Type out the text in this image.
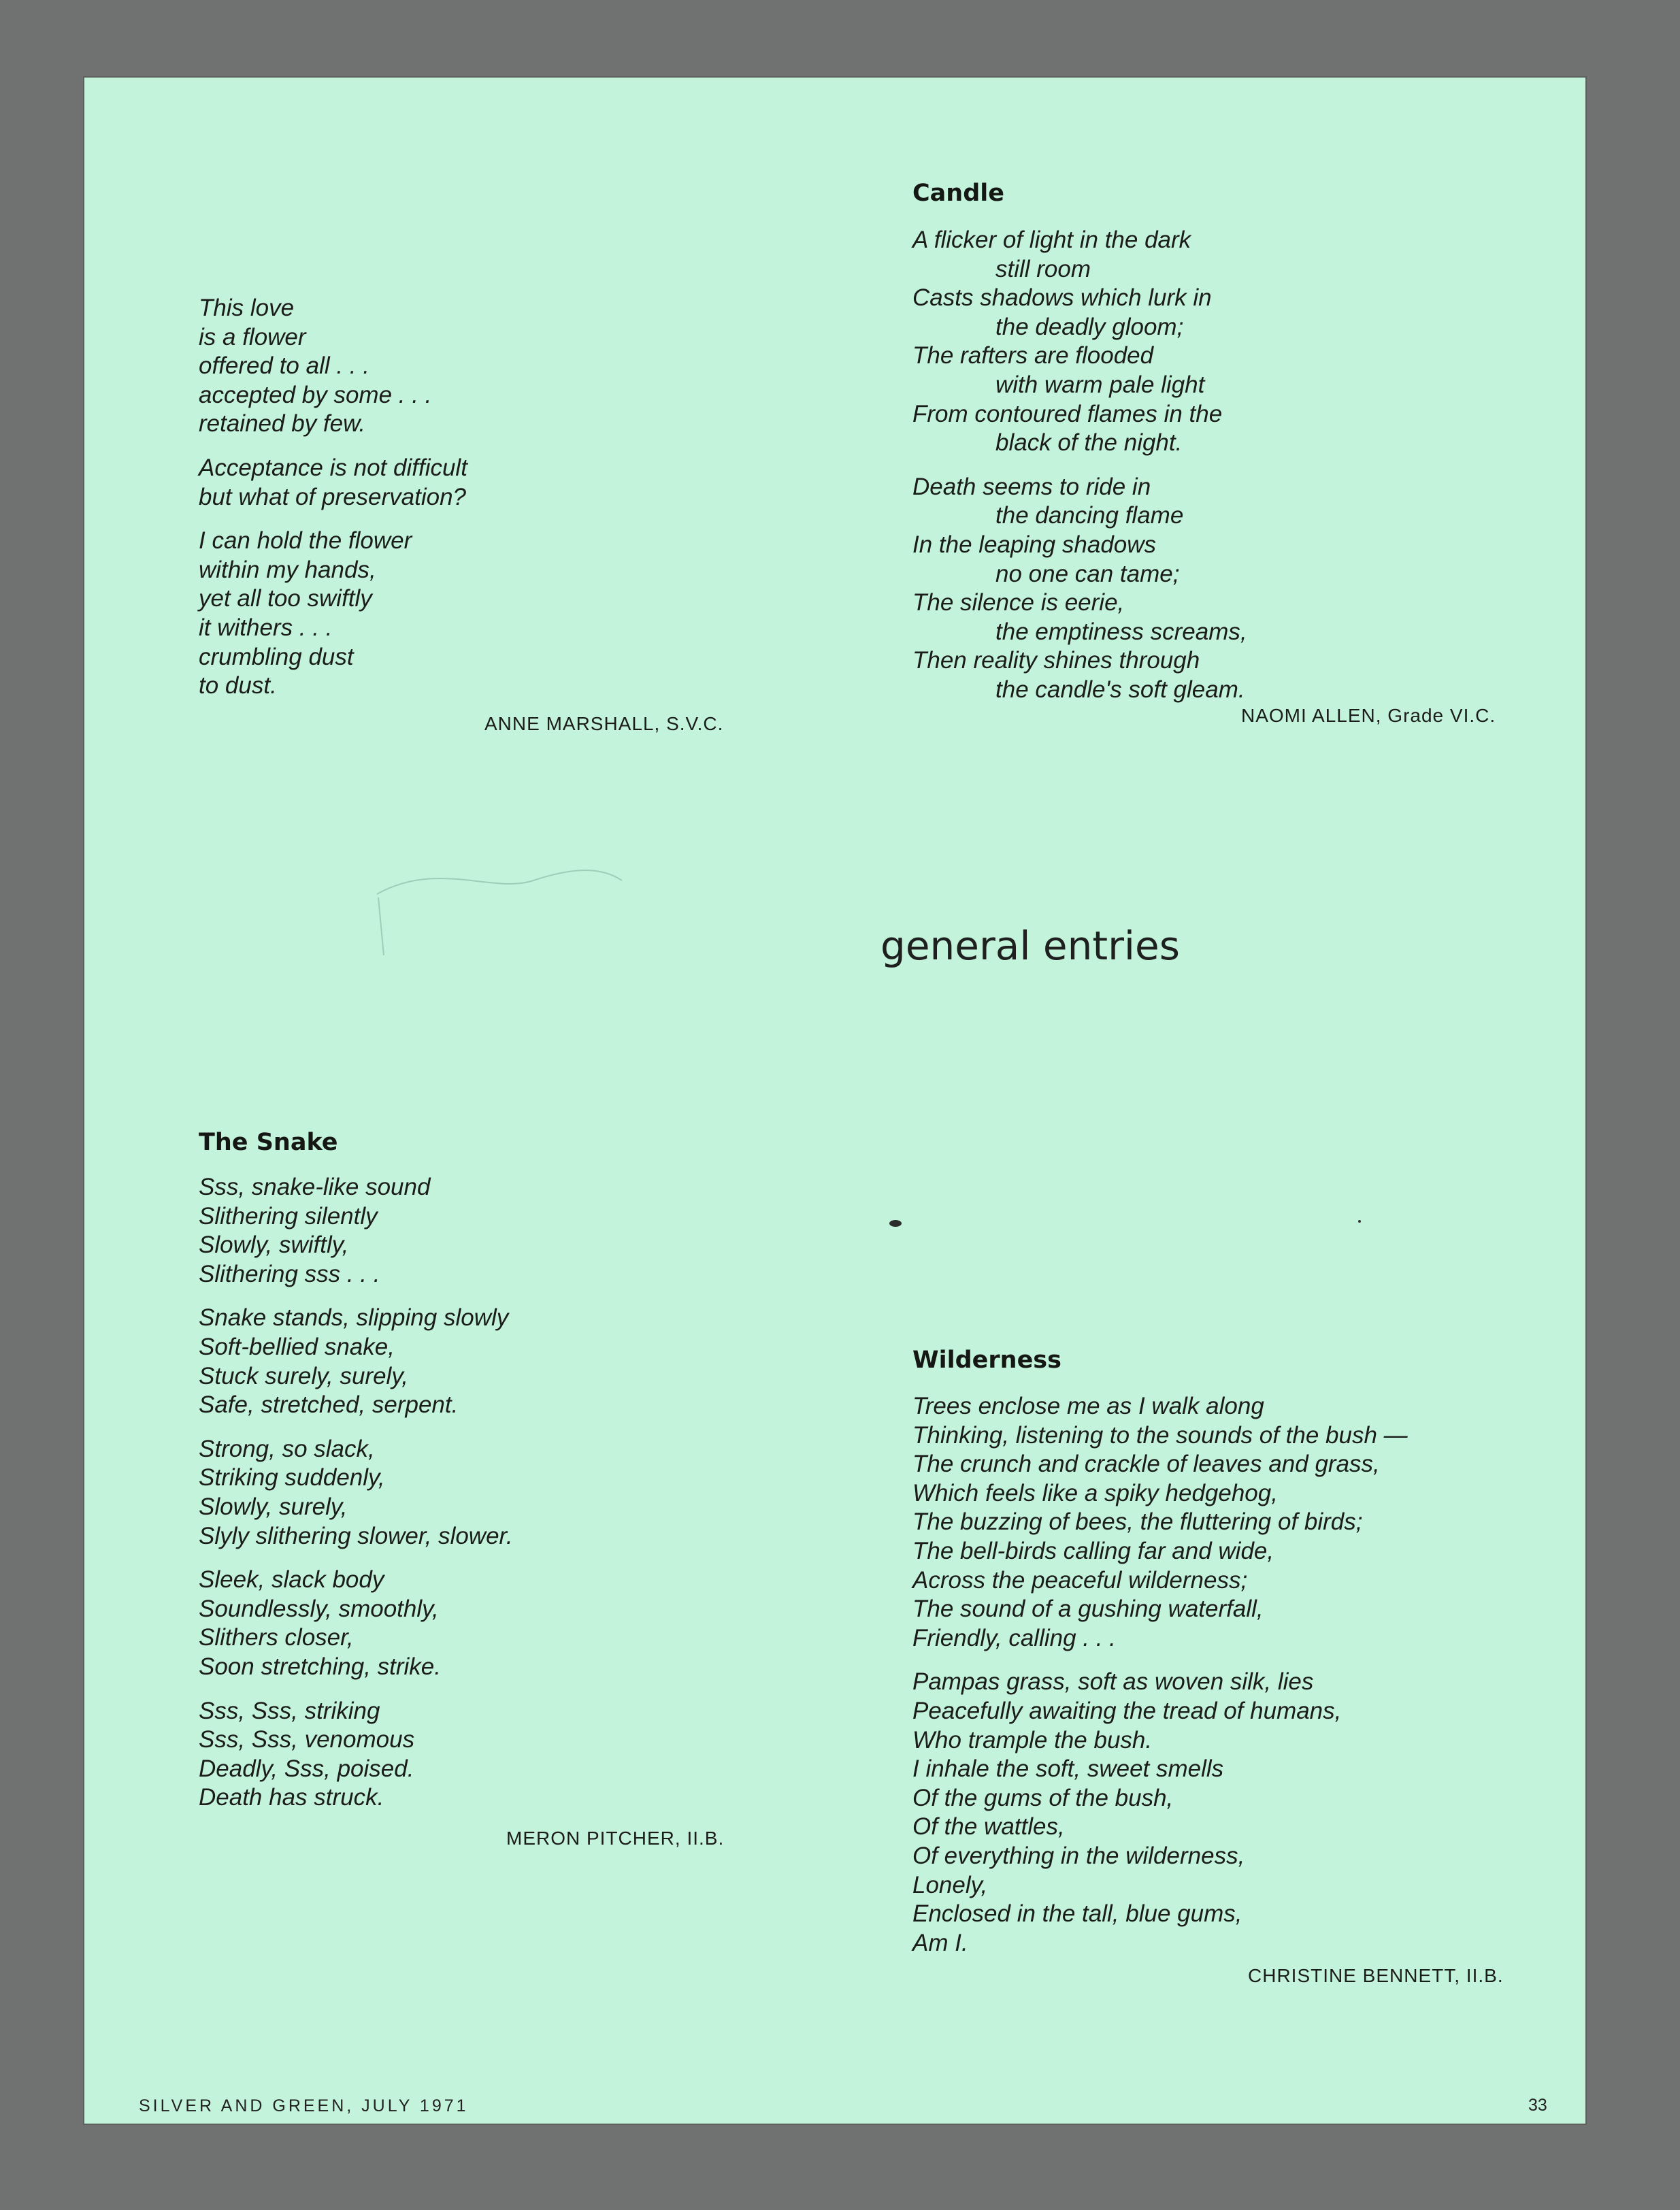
This love
is a flower
offered to all . . .
accepted by some . . .
retained by few.
Acceptance is not difficult
but what of preservation?
I can hold the flower
within my hands,
yet all too swiftly
it withers . . .
crumbling dust
to dust.
ANNE MARSHALL, S.V.C.
Candle
A flicker of light in the dark
still room
Casts shadows which lurk in
the deadly gloom;
The rafters are flooded
with warm pale light
From contoured flames in the
black of the night.
Death seems to ride in
the dancing flame
In the leaping shadows
no one can tame;
The silence is eerie,
the emptiness screams,
Then reality shines through
the candle's soft gleam.
NAOMI ALLEN, Grade VI.C.
general entries
The Snake
Sss, snake-like sound
Slithering silently
Slowly, swiftly,
Slithering sss . . .
Snake stands, slipping slowly
Soft-bellied snake,
Stuck surely, surely,
Safe, stretched, serpent.
Strong, so slack,
Striking suddenly,
Slowly, surely,
Slyly slithering slower, slower.
Sleek, slack body
Soundlessly, smoothly,
Slithers closer,
Soon stretching, strike.
Sss, Sss, striking
Sss, Sss, venomous
Deadly, Sss, poised.
Death has struck.
MERON PITCHER, II.B.
Wilderness
Trees enclose me as I walk along
Thinking, listening to the sounds of the bush —
The crunch and crackle of leaves and grass,
Which feels like a spiky hedgehog,
The buzzing of bees, the fluttering of birds;
The bell-birds calling far and wide,
Across the peaceful wilderness;
The sound of a gushing waterfall,
Friendly, calling . . .
Pampas grass, soft as woven silk, lies
Peacefully awaiting the tread of humans,
Who trample the bush.
I inhale the soft, sweet smells
Of the gums of the bush,
Of the wattles,
Of everything in the wilderness,
Lonely,
Enclosed in the tall, blue gums,
Am I.
CHRISTINE BENNETT, II.B.
SILVER AND GREEN, JULY 1971	33
